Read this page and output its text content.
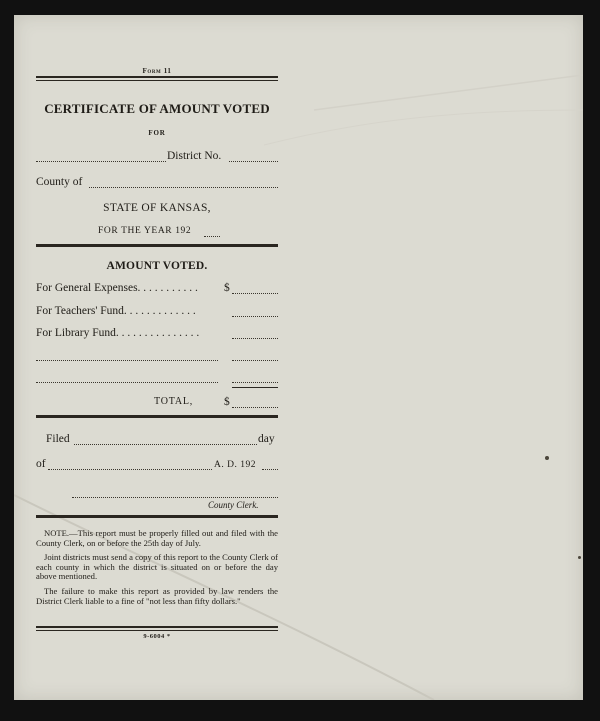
Form 11
CERTIFICATE OF AMOUNT VOTED
FOR
District No.
County of
STATE OF KANSAS,
FOR THE YEAR 192
AMOUNT VOTED.
For General Expenses. . . . . . . . . . . $
For Teachers' Fund. . . . . . . . . . . . .
For Library Fund. . . . . . . . . . . . . . .
TOTAL,	$
Filed	day
of	A. D. 192
County Clerk.

NOTE.—This report must be properly filled out and filed with the County Clerk, on or before the 25th day of July.

Joint districts must send a copy of this report to the County Clerk of each county in which the district is situated on or before the day above mentioned.

The failure to make this report as provided by law renders the District Clerk liable to a fine of "not less than fifty dollars."

9-6004 *
